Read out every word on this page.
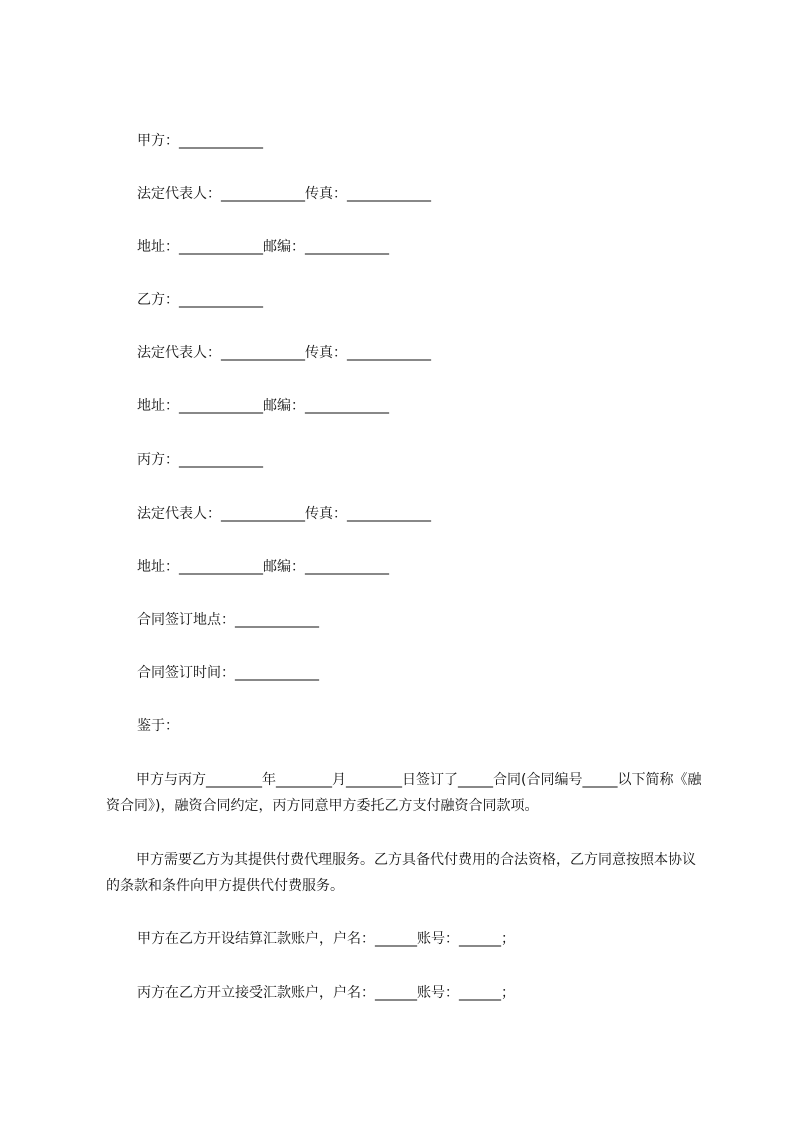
甲方：____________
法定代表人：____________传真：____________
地址：____________邮编：____________
乙方：____________
法定代表人：____________传真：____________
地址：____________邮编：____________
丙方：____________
法定代表人：____________传真：____________
地址：____________邮编：____________
合同签订地点：____________
合同签订时间：____________
鉴于：

甲方与丙方________年________月________日签订了_____合同(合同编号_____以下简称《融资合同》)，融资合同约定，丙方同意甲方委托乙方支付融资合同款项。

甲方需要乙方为其提供付费代理服务。乙方具备代付费用的合法资格，乙方同意按照本协议的条款和条件向甲方提供代付费服务。

甲方在乙方开设结算汇款账户，户名：______账号：______；

丙方在乙方开立接受汇款账户，户名：______账号：______；
